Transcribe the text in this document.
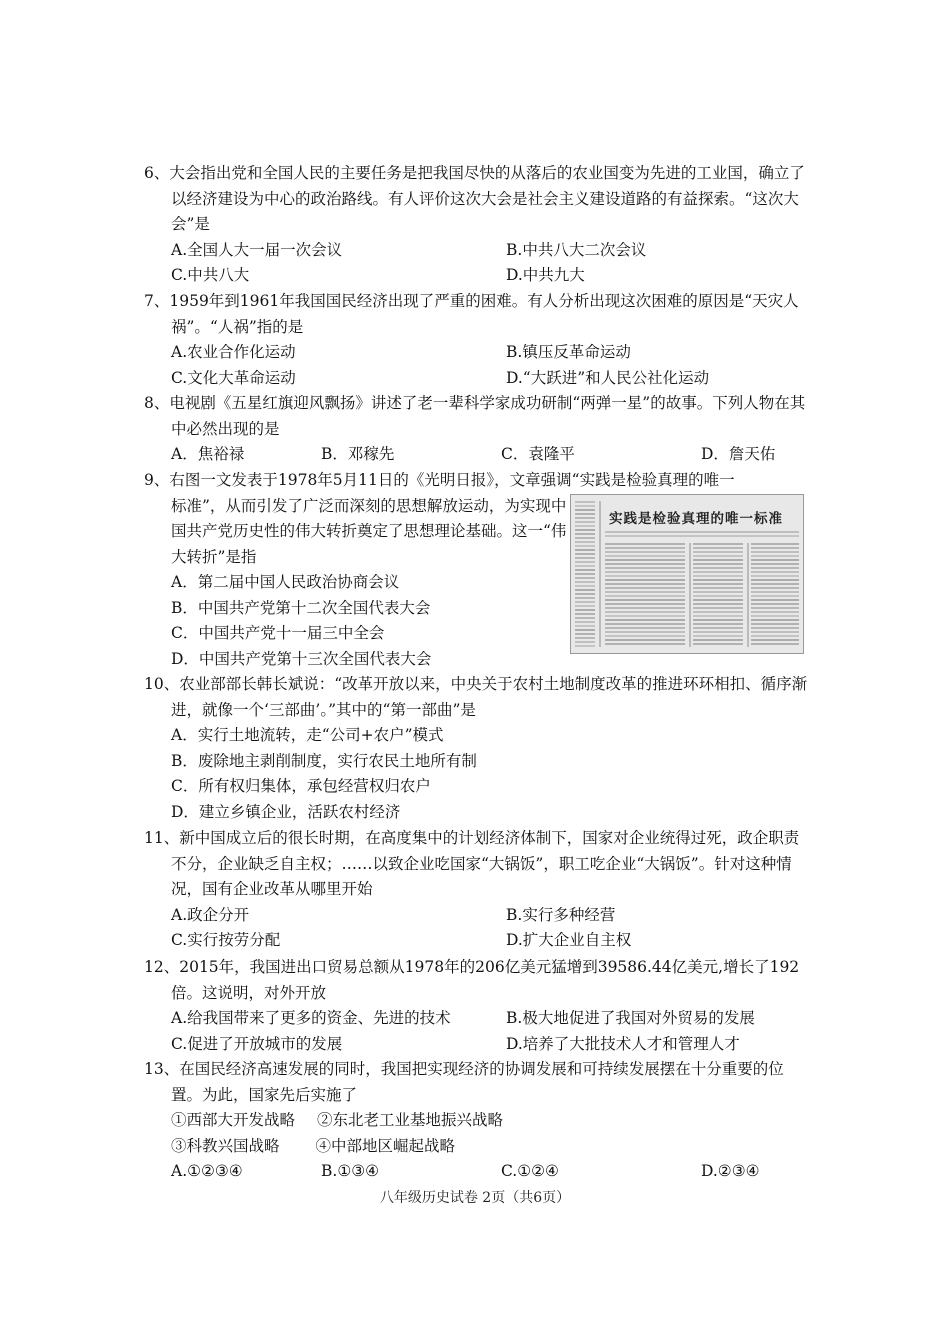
6、大会指出党和全国人民的主要任务是把我国尽快的从落后的农业国变为先进的工业国，确立了以经济建设为中心的政治路线。有人评价这次大会是社会主义建设道路的有益探索。“这次大会”是
A.全国人大一届一次会议	B.中共八大二次会议
C.中共八大	D.中共九大
7、1959年到1961年我国国民经济出现了严重的困难。有人分析出现这次困难的原因是“天灾人祸”。“人祸”指的是
A.农业合作化运动	B.镇压反革命运动
C.文化大革命运动	D.“大跃进”和人民公社化运动
8、电视剧《五星红旗迎风飘扬》讲述了老一辈科学家成功研制“两弹一星”的故事。下列人物在其中必然出现的是
A．焦裕禄	B．邓稼先	C．袁隆平	D．詹天佑
9、右图一文发表于1978年5月11日的《光明日报》，文章强调“实践是检验真理的唯一
标准”，从而引发了广泛而深刻的思想解放运动，为实现中国共产党历史性的伟大转折奠定了思想理论基础。这一“伟大转折”是指
A．第二届中国人民政治协商会议
B．中国共产党第十二次全国代表大会
C．中国共产党十一届三中全会
D．中国共产党第十三次全国代表大会
实践是检验真理的唯一标准
10、农业部部长韩长斌说：“改革开放以来，中央关于农村土地制度改革的推进环环相扣、循序渐进，就像一个‘三部曲’。”其中的“第一部曲”是
A．实行土地流转，走“公司+农户”模式
B．废除地主剥削制度，实行农民土地所有制
C．所有权归集体，承包经营权归农户
D．建立乡镇企业，活跃农村经济
11、新中国成立后的很长时期，在高度集中的计划经济体制下，国家对企业统得过死，政企职责不分，企业缺乏自主权；……以致企业吃国家“大锅饭”，职工吃企业“大锅饭”。针对这种情况，国有企业改革从哪里开始
A.政企分开	B.实行多种经营
C.实行按劳分配	D.扩大企业自主权
12、2015年，我国进出口贸易总额从1978年的206亿美元猛增到39586.44亿美元,增长了192倍。这说明，对外开放
A.给我国带来了更多的资金、先进的技术	B.极大地促进了我国对外贸易的发展
C.促进了开放城市的发展	D.培养了大批技术人才和管理人才
13、在国民经济高速发展的同时，我国把实现经济的协调发展和可持续发展摆在十分重要的位置。为此，国家先后实施了
①西部大开发战略 ②东北老工业基地振兴战略
③科教兴国战略 ④中部地区崛起战略
A.①②③④	B.①③④	C.①②④	D.②③④
八年级历史试卷 2页（共6页）
